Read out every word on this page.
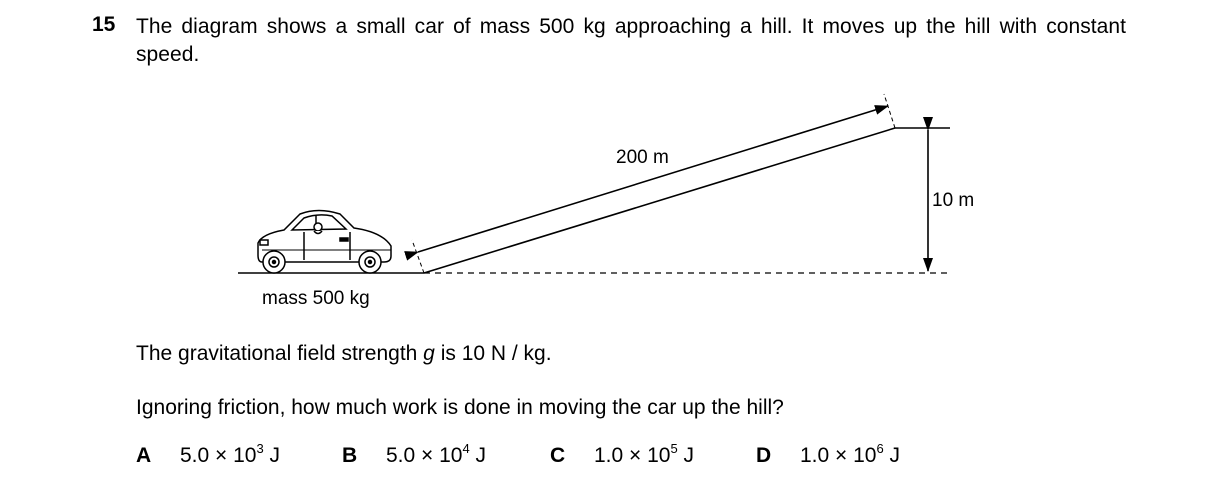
15 The diagram shows a small car of mass 500 kg approaching a hill. It moves up the hill with constant speed.
200 m
10 m
mass 500 kg
The gravitational field strength g is 10 N / kg.
Ignoring friction, how much work is done in moving the car up the hill?
A $5.0 \times 10^3$ J	B $5.0 \times 10^4$ J	C $1.0 \times 10^5$ J	D $1.0 \times 10^6$ J
